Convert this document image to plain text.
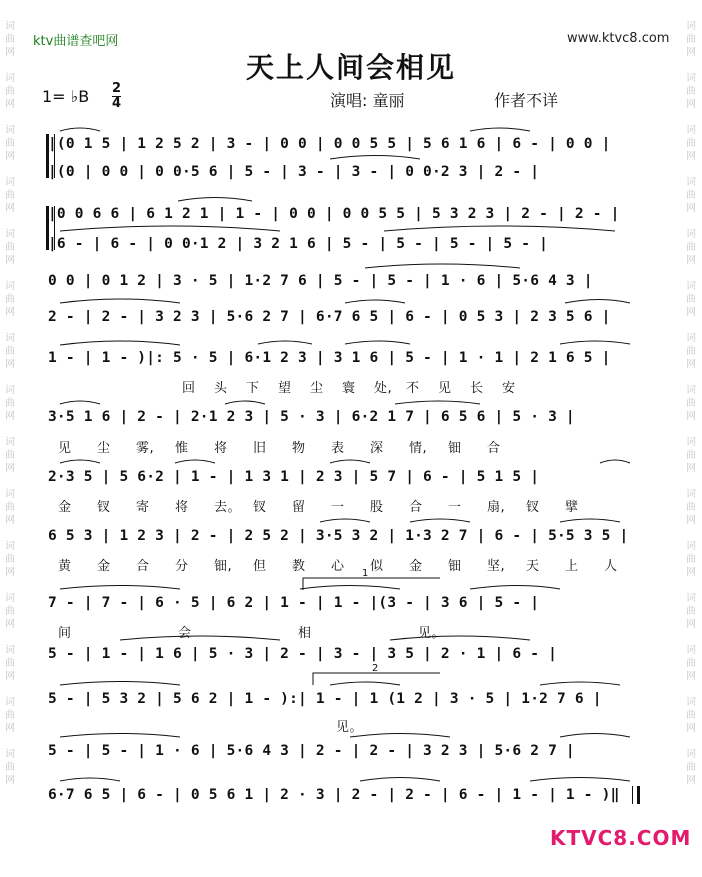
词曲网

词曲网

词曲网

词曲网

词曲网

词曲网

词曲网

词曲网

词曲网

词曲网

词曲网

词曲网

词曲网

词曲网

词曲网

词曲网

词曲网

词曲网

词曲网

词曲网

词曲网

词曲网

词曲网

词曲网

词曲网

词曲网

词曲网

词曲网

词曲网

词曲网

ktv曲谱查吧网	www.ktvc8.com
天上人间会相见
1= ♭B 2
4	演唱: 童丽	作者不详
|(0 1 5 | 1 2 5 2 | 3 - | 0 0 | 0 0 5 5 | 5 6 1 6 | 6 - | 0 0 |
|(0 | 0 0 | 0 0·5 6 | 5 - | 3 - | 3 - | 0 0·2 3 | 2 - |
|0 0 6 6 | 6 1 2 1 | 1 - | 0 0 | 0 0 5 5 | 5 3 2 3 | 2 - | 2 - |
|6 - | 6 - | 0 0·1 2 | 3 2 1 6 | 5 - | 5 - | 5 - | 5 - |
0 0 | 0 1 2 | 3 · 5 | 1·2 7 6 | 5 - | 5 - | 1 · 6 | 5·6 4 3 |
2 - | 2 - | 3 2 3 | 5·6 2 7 | 6·7 6 5 | 6 - | 0 5 3 | 2 3 5 6 |
1 - | 1 - )|: 5 · 5 | 6·1 2 3 | 3 1 6 | 5 - | 1 · 1 | 2 1 6 5 |
3·5 1 6 | 2 - | 2·1 2 3 | 5 · 3 | 6·2 1 7 | 6 5 6 | 5 · 3 |
2·3 5 | 5 6·2 | 1 - | 1 3 1 | 2 3 | 5 7 | 6 - | 5 1 5 |
6 5 3 | 1 2 3 | 2 - | 2 5 2 | 3·5 3 2 | 1·3 2 7 | 6 - | 5·5 3 5 |
7 - | 7 - | 6 · 5 | 6 2 | 1 - | 1 - |(3 - | 3 6 | 5 - |
5 - | 1 - | 1 6 | 5 · 3 | 2 - | 3 - | 3 5 | 2 · 1 | 6 - |
5 - | 5 3 2 | 5 6 2 | 1 - ):| 1 - | 1 (1 2 | 3 · 5 | 1·2 7 6 |
5 - | 5 - | 1 · 6 | 5·6 4 3 | 2 - | 2 - | 3 2 3 | 5·6 2 7 |
6·7 6 5 | 6 - | 0 5 6 1 | 2 · 3 | 2 - | 2 - | 6 - | 1 - | 1 - )‖
回 头 下 望 尘 寰 处, 不 见 长 安
见 尘 雾, 惟 将 旧 物 表 深 情, 钿 合
金 钗 寄 将 去。 钗 留 一 股 合 一 扇, 钗 擘
黄 金 合 分 钿, 但 教 心 似 金 钿 坚, 天 上 人
间	会	相	见。
见。
1
2
KTVC8.COM
